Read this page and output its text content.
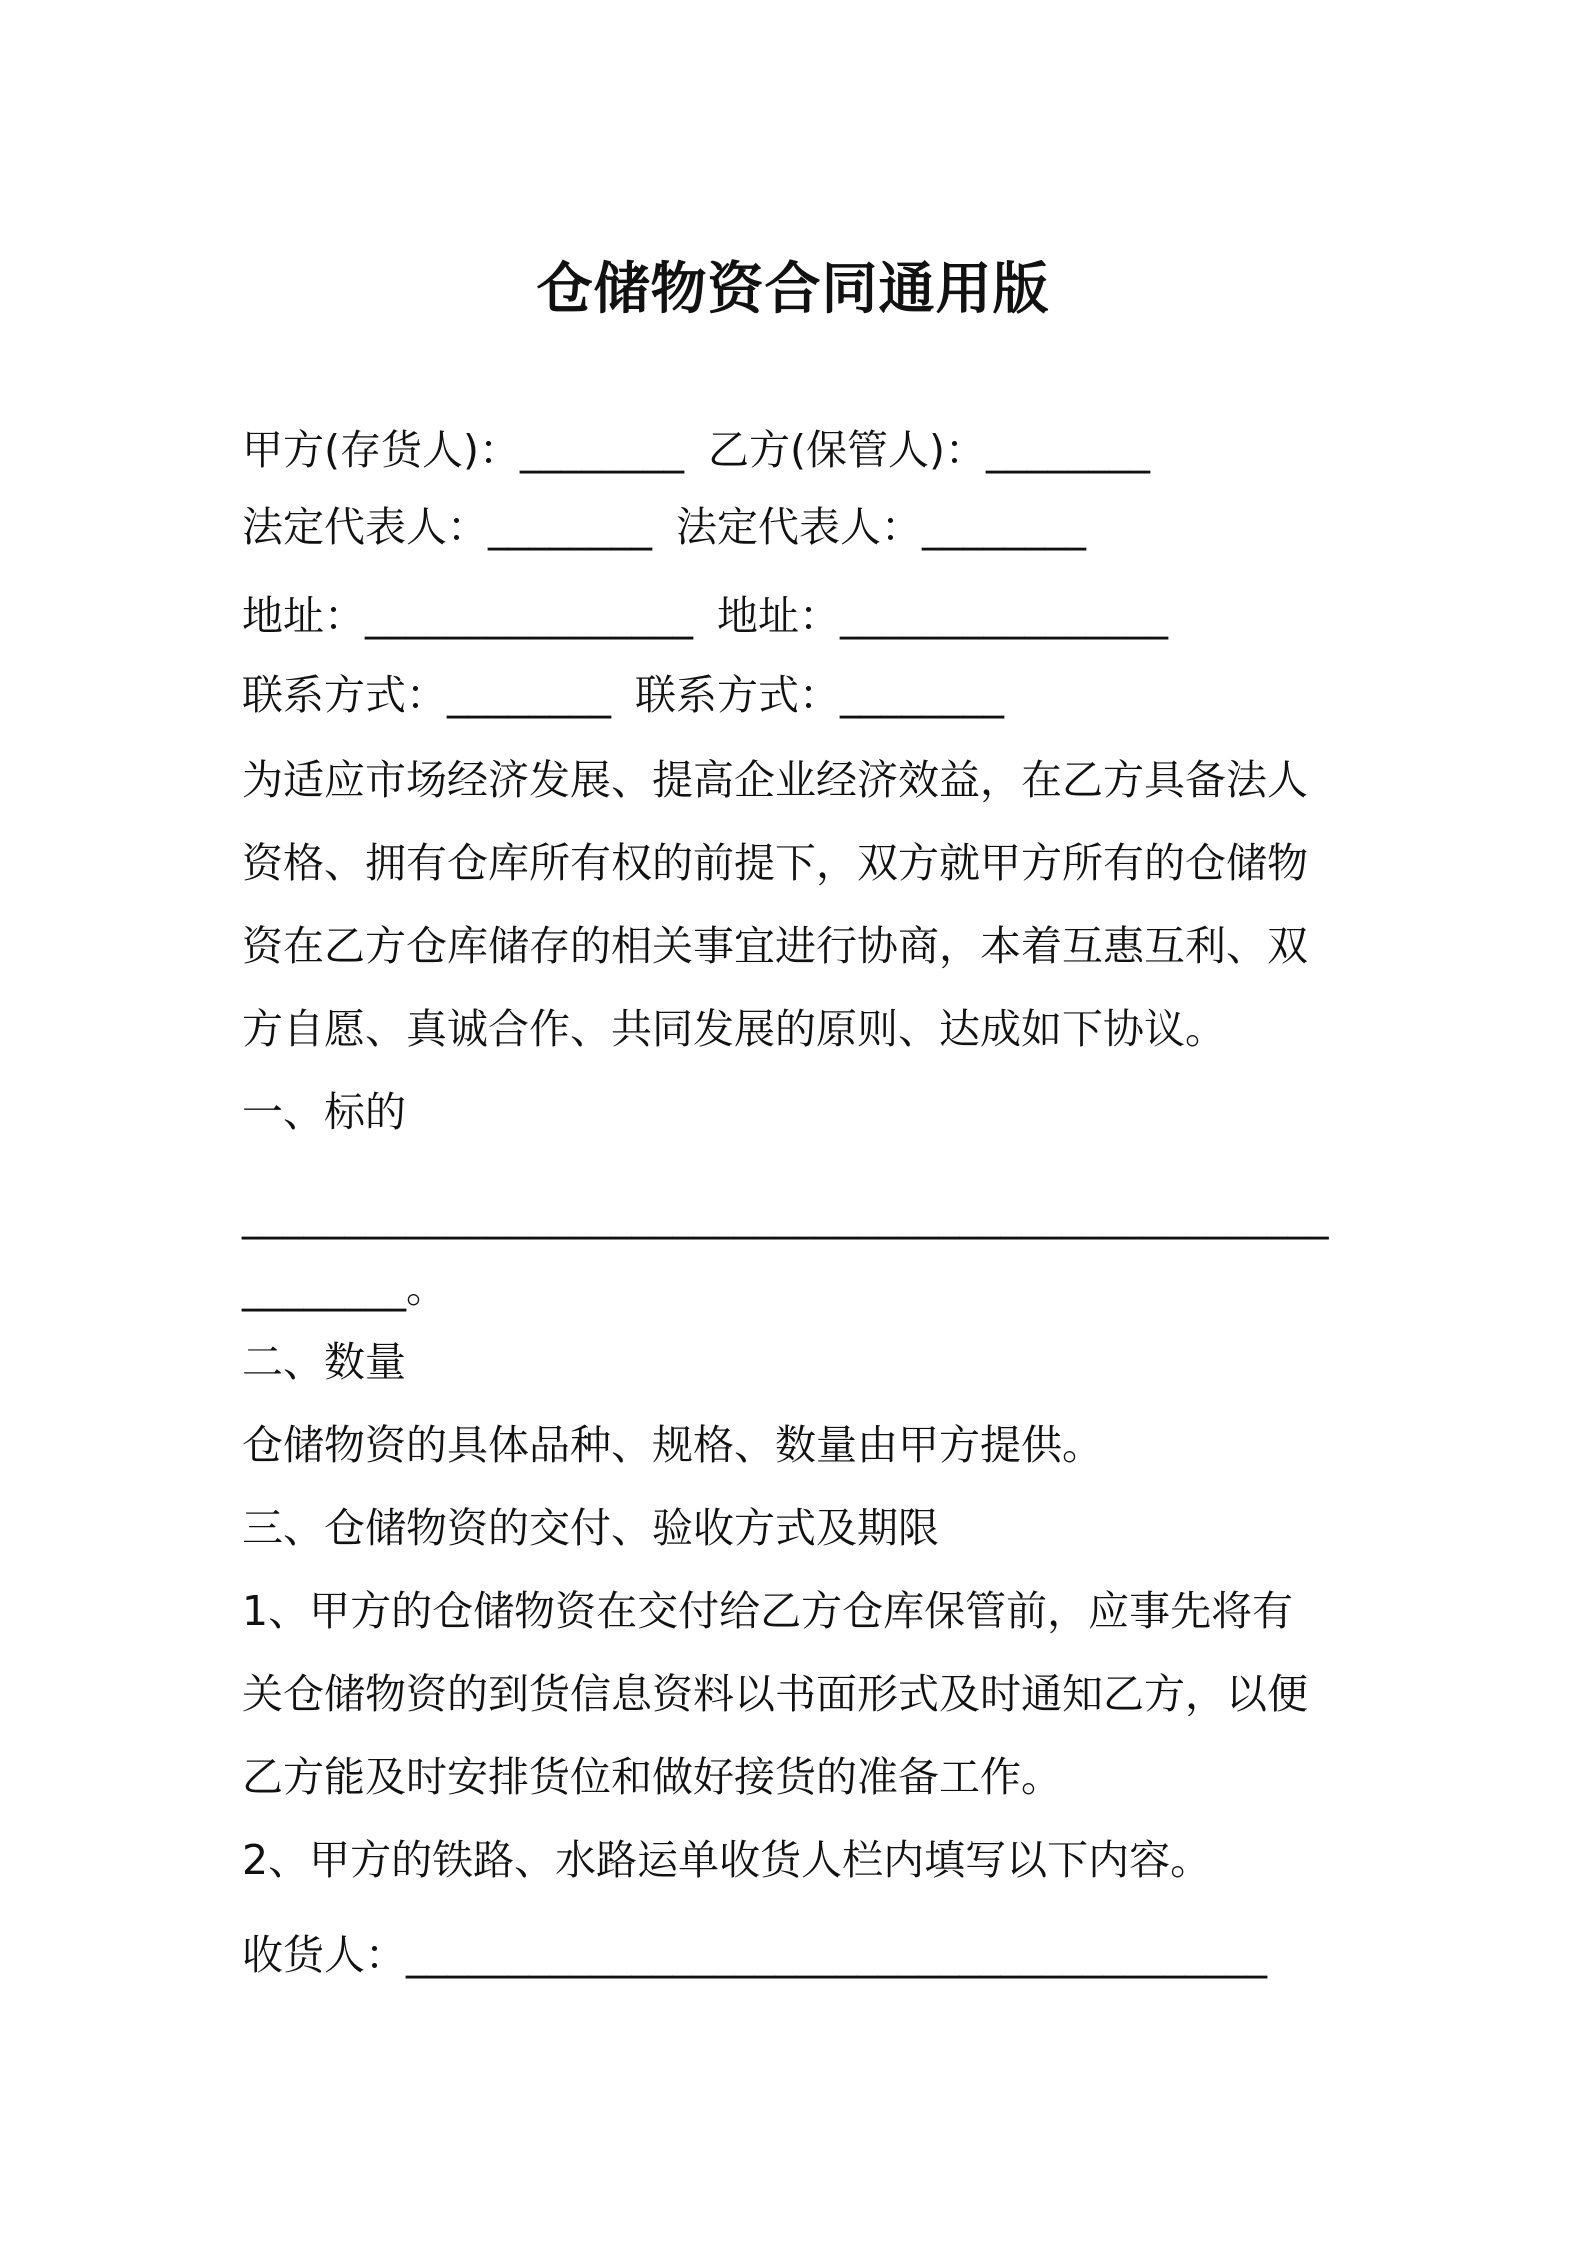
仓储物资合同通用版
甲方(存货人)：________ 乙方(保管人)：________
法定代表人：________ 法定代表人：________
地址：________________ 地址：________________
联系方式：________ 联系方式：________
为适应市场经济发展、提高企业经济效益，在乙方具备法人
资格、拥有仓库所有权的前提下，双方就甲方所有的仓储物
资在乙方仓库储存的相关事宜进行协商，本着互惠互利、双
方自愿、真诚合作、共同发展的原则、达成如下协议。
一、标的
_____________________________________________________
________。
二、数量
仓储物资的具体品种、规格、数量由甲方提供。
三、仓储物资的交付、验收方式及期限
1、甲方的仓储物资在交付给乙方仓库保管前，应事先将有
关仓储物资的到货信息资料以书面形式及时通知乙方，以便
乙方能及时安排货位和做好接货的准备工作。
2、甲方的铁路、水路运单收货人栏内填写以下内容。
收货人：__________________________________________
